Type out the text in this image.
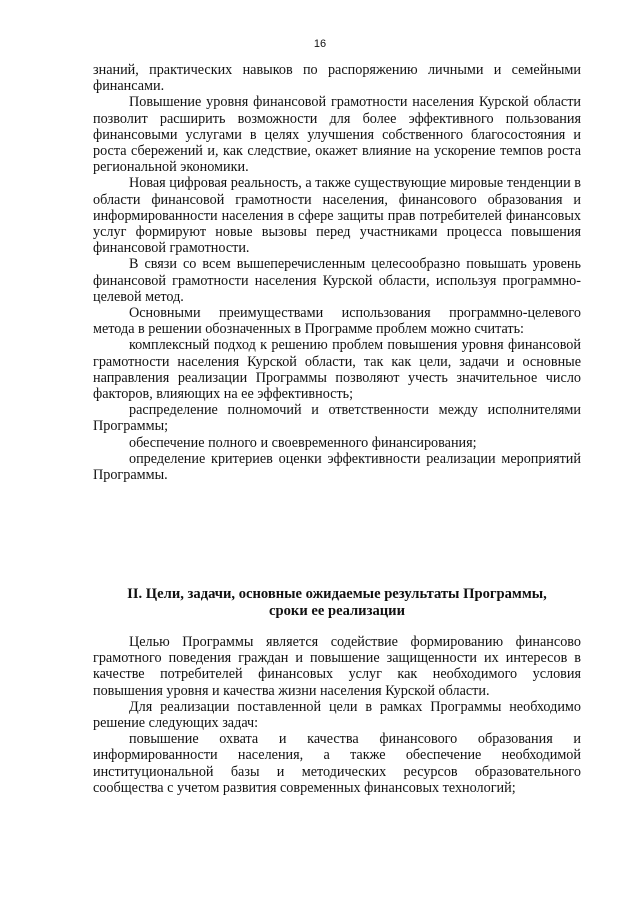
16

знаний, практических навыков по распоряжению личными и семейными финансами.

Повышение уровня финансовой грамотности населения Курской области позволит расширить возможности для более эффективного пользования финансовыми услугами в целях улучшения собственного благосостояния и роста сбережений и, как следствие, окажет влияние на ускорение темпов роста региональной экономики.

Новая цифровая реальность, а также существующие мировые тенденции в области финансовой грамотности населения, финансового образования и информированности населения в сфере защиты прав потребителей финансовых услуг формируют новые вызовы перед участниками процесса повышения финансовой грамотности.

В связи со всем вышеперечисленным целесообразно повышать уровень финансовой грамотности населения Курской области, используя программно-целевой метод.

Основными преимуществами использования программно-целевого метода в решении обозначенных в Программе проблем можно считать:

комплексный подход к решению проблем повышения уровня финансовой грамотности населения Курской области, так как цели, задачи и основные направления реализации Программы позволяют учесть значительное число факторов, влияющих на ее эффективность;

распределение полномочий и ответственности между исполнителями Программы;

обеспечение полного и своевременного финансирования;

определение критериев оценки эффективности реализации мероприятий Программы.

II. Цели, задачи, основные ожидаемые результаты Программы,
сроки ее реализации

Целью Программы является содействие формированию финансово грамотного поведения граждан и повышение защищенности их интересов в качестве потребителей финансовых услуг как необходимого условия повышения уровня и качества жизни населения Курской области.

Для реализации поставленной цели в рамках Программы необходимо решение следующих задач:

повышение охвата и качества финансового образования и информированности населения, а также обеспечение необходимой институциональной базы и методических ресурсов образовательного сообщества с учетом развития современных финансовых технологий;
